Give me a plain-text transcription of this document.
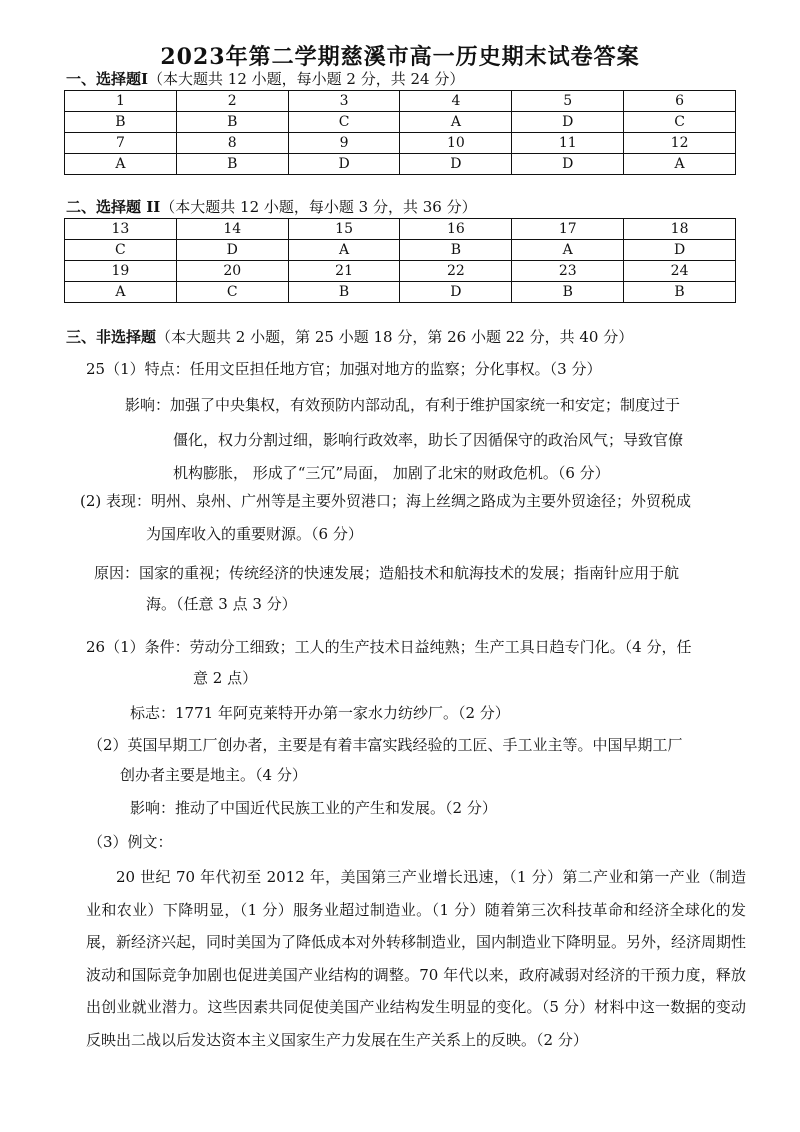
2023年第二学期慈溪市高一历史期末试卷答案
一、选择题Ⅰ（本大题共 12 小题，每小题 2 分，共 24 分）
1	2	3	4	5	6
B	B	C	A	D	C
7	8	9	10	11	12
A	B	D	D	D	A
二、选择题 II（本大题共 12 小题，每小题 3 分，共 36 分）
13	14	15	16	17	18
C	D	A	B	A	D
19	20	21	22	23	24
A	C	B	D	B	B
三、非选择题（本大题共 2 小题，第 25 小题 18 分，第 26 小题 22 分，共 40 分）
25（1）特点：任用文臣担任地方官；加强对地方的监察；分化事权。（3 分）
影响：加强了中央集权，有效预防内部动乱，有利于维护国家统一和安定；制度过于
僵化，权力分割过细，影响行政效率，助长了因循保守的政治风气；导致官僚
机构膨胀， 形成了“三冗”局面， 加剧了北宋的财政危机。（6 分）
(2) 表现：明州、泉州、广州等是主要外贸港口；海上丝绸之路成为主要外贸途径；外贸税成
为国库收入的重要财源。（6 分）
原因：国家的重视；传统经济的快速发展；造船技术和航海技术的发展；指南针应用于航
海。（任意 3 点 3 分）
26（1）条件：劳动分工细致；工人的生产技术日益纯熟；生产工具日趋专门化。（4 分，任
意 2 点）
标志：1771 年阿克莱特开办第一家水力纺纱厂。（2 分）
（2）英国早期工厂创办者，主要是有着丰富实践经验的工匠、手工业主等。中国早期工厂
创办者主要是地主。（4 分）
影响：推动了中国近代民族工业的产生和发展。（2 分）
（3）例文：
20 世纪 70 年代初至 2012 年，美国第三产业增长迅速，（1 分）第二产业和第一产业（制造业和农业）下降明显，（1 分）服务业超过制造业。（1 分）随着第三次科技革命和经济全球化的发展，新经济兴起，同时美国为了降低成本对外转移制造业，国内制造业下降明显。另外，经济周期性波动和国际竞争加剧也促进美国产业结构的调整。70 年代以来，政府减弱对经济的干预力度，释放出创业就业潜力。这些因素共同促使美国产业结构发生明显的变化。（5 分）材料中这一数据的变动反映出二战以后发达资本主义国家生产力发展在生产关系上的反映。（2 分）
